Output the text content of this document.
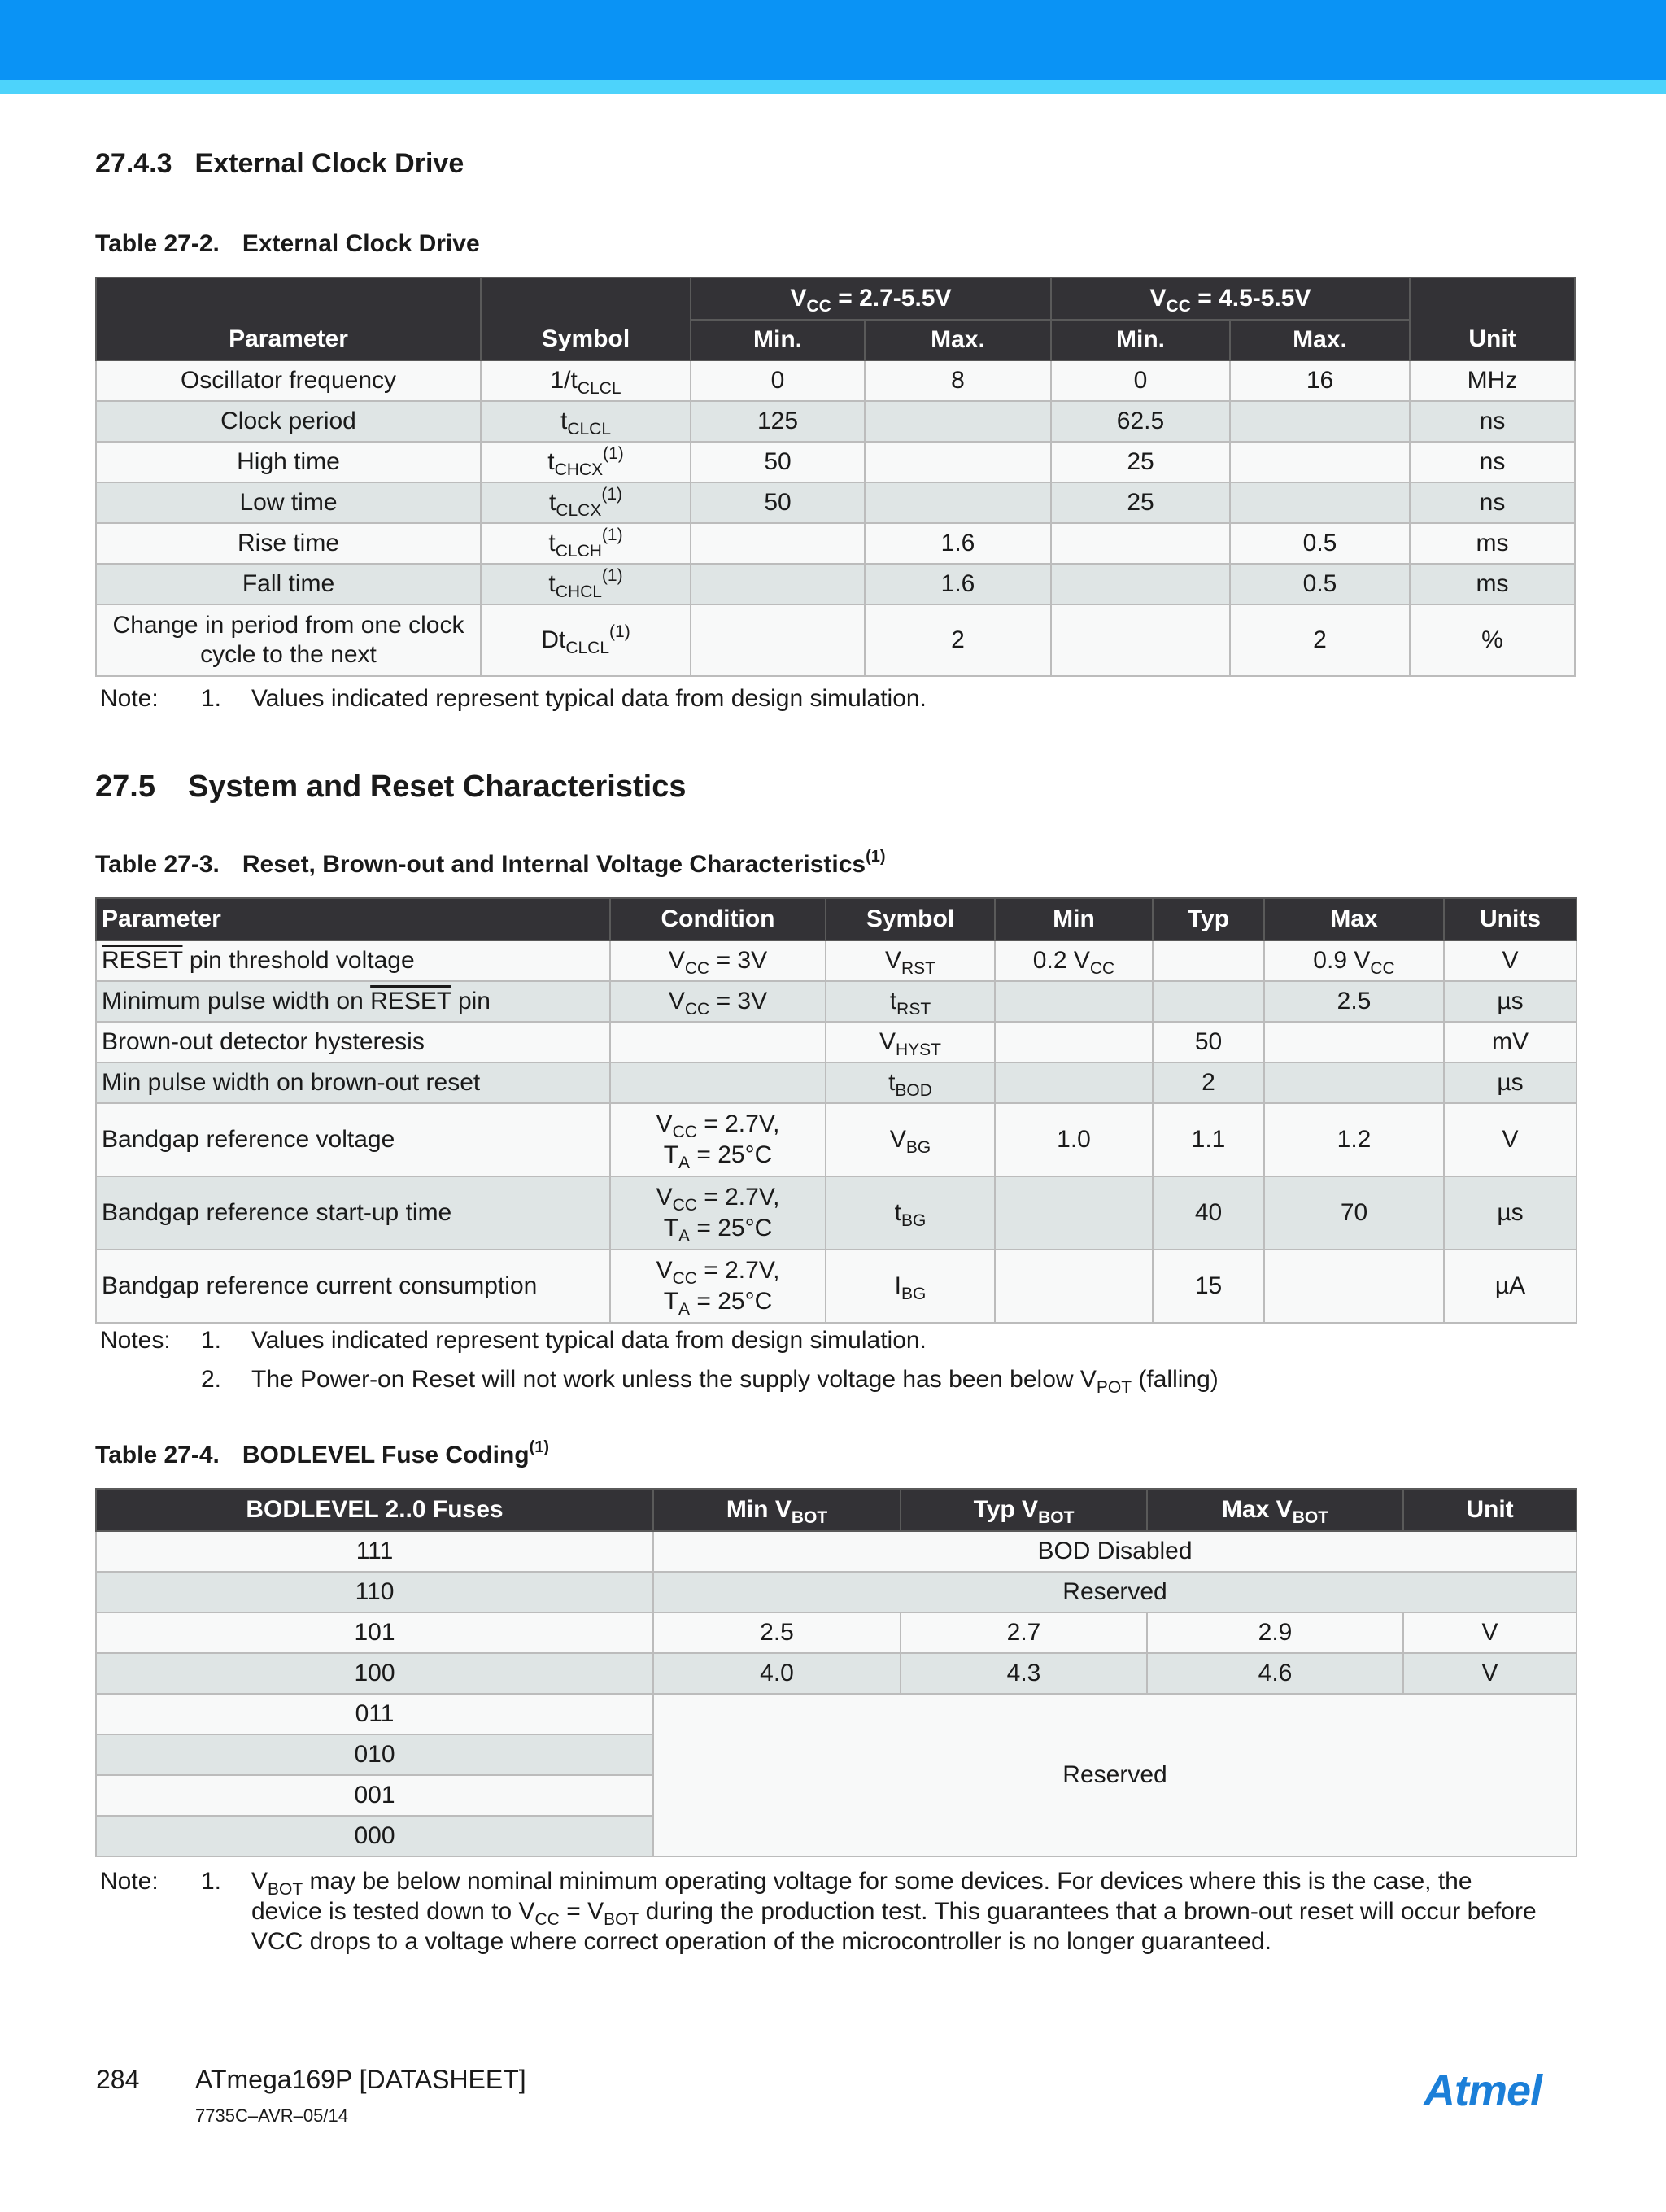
27.4.3 External Clock Drive
Table 27-2. External Clock Drive
Parameter	Symbol	$V_{CC} = 2.7-5.5V$		$V_{CC} = 4.5-5.5V$		Unit
		Min.	Max.	Min.	Max.	
Oscillator frequency	$1/t_{CLCL}$	0	8	0	16	MHz
Clock period	$t_{CLCL}$	125		62.5		ns
High time	$t_{CHCX}^{(1)}$	50		25		ns
Low time	$t_{CLCX}^{(1)}$	50		25		ns
Rise time	$t_{CLCH}^{(1)}$		1.6		0.5	ms
Fall time	$t_{CHCL}^{(1)}$		1.6		0.5	ms
Change in period from one clock
cycle to the next	$Dt_{CLCL}^{(1)}$		2		2	%
Note: 1. Values indicated represent typical data from design simulation.
27.5 System and Reset Characteristics
Table 27-3. Reset, Brown-out and Internal Voltage Characteristics$^{(1)}$
Parameter	Condition	Symbol	Min	Typ	Max	Units
RESET pin threshold voltage	$V_{CC} = 3V$	$V_{RST}$	0.2 $V_{CC}$		0.9 $V_{CC}$	V
Minimum pulse width on RESET pin	$V_{CC} = 3V$	$t_{RST}$			2.5	µs
Brown-out detector hysteresis		$V_{HYST}$		50		mV
Min pulse width on brown-out reset		$t_{BOD}$		2		µs
Bandgap reference voltage	$V_{CC} = 2.7V$,
$T_A = 25^\circ C$	$V_{BG}$	1.0	1.1	1.2	V
Bandgap reference start-up time	$V_{CC} = 2.7V$,
$T_A = 25^\circ C$	$t_{BG}$		40	70	µs
Bandgap reference current consumption	$V_{CC} = 2.7V$,
$T_A = 25^\circ C$	$I_{BG}$		15		µA
Notes: 1. Values indicated represent typical data from design simulation.
2. The Power-on Reset will not work unless the supply voltage has been below $V_{POT}$ (falling)
Table 27-4. BODLEVEL Fuse Coding$^{(1)}$
BODLEVEL 2..0 Fuses	Min $V_{BOT}$	Typ $V_{BOT}$	Max $V_{BOT}$	Unit
111	BOD Disabled			
110	Reserved			
101	2.5	2.7	2.9	V
100	4.0	4.3	4.6	V
011	Reserved			
010				
001				
000				
Note: 1. $V_{BOT}$ may be below nominal minimum operating voltage for some devices. For devices where this is the case, the
device is tested down to $V_{CC} = V_{BOT}$ during the production test. This guarantees that a brown-out reset will occur before
VCC drops to a voltage where correct operation of the microcontroller is no longer guaranteed.
284 ATmega169P [DATASHEET]
7735C–AVR–05/14
Atmel
